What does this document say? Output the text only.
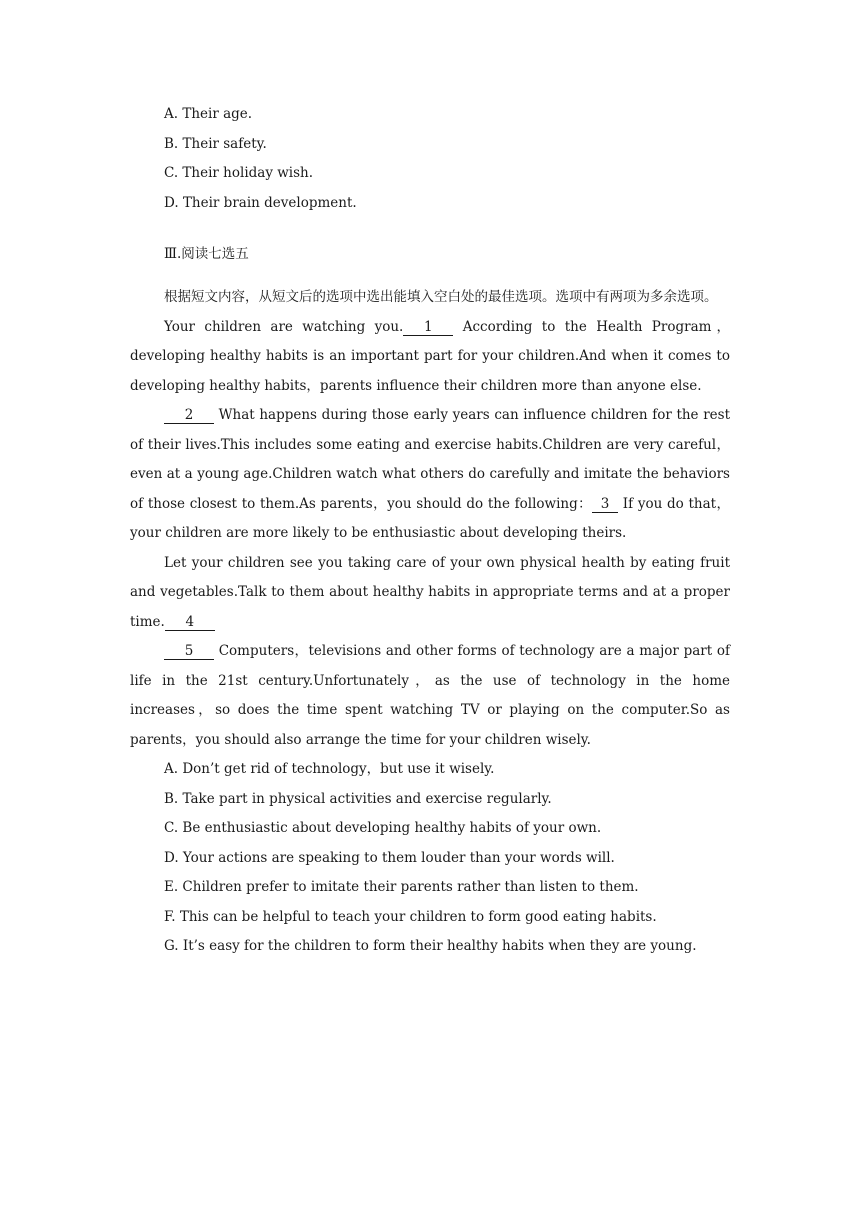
A. Their age.

B. Their safety.

C. Their holiday wish.

D. Their brain development.

Ⅲ.阅读七选五

根据短文内容，从短文后的选项中选出能填入空白处的最佳选项。选项中有两项为多余选项。

Your children are watching you. 1 According to the Health Program，developing healthy habits is an important part for your children.And when it comes to developing healthy habits，parents influence their children more than anyone else.

2 What happens during those early years can influence children for the rest of their lives.This includes some eating and exercise habits.Children are very careful，even at a young age.Children watch what others do carefully and imitate the behaviors of those closest to them.As parents，you should do the following： 3 If you do that，your children are more likely to be enthusiastic about developing theirs.

Let your children see you taking care of your own physical health by eating fruit and vegetables.Talk to them about healthy habits in appropriate terms and at a proper time. 4

5 Computers，televisions and other forms of technology are a major part of life in the 21st century.Unfortunately，as the use of technology in the home increases，so does the time spent watching TV or playing on the computer.So as parents，you should also arrange the time for your children wisely.

A. Don’t get rid of technology，but use it wisely.

B. Take part in physical activities and exercise regularly.

C. Be enthusiastic about developing healthy habits of your own.

D. Your actions are speaking to them louder than your words will.

E. Children prefer to imitate their parents rather than listen to them.

F. This can be helpful to teach your children to form good eating habits.

G. It’s easy for the children to form their healthy habits when they are young.
